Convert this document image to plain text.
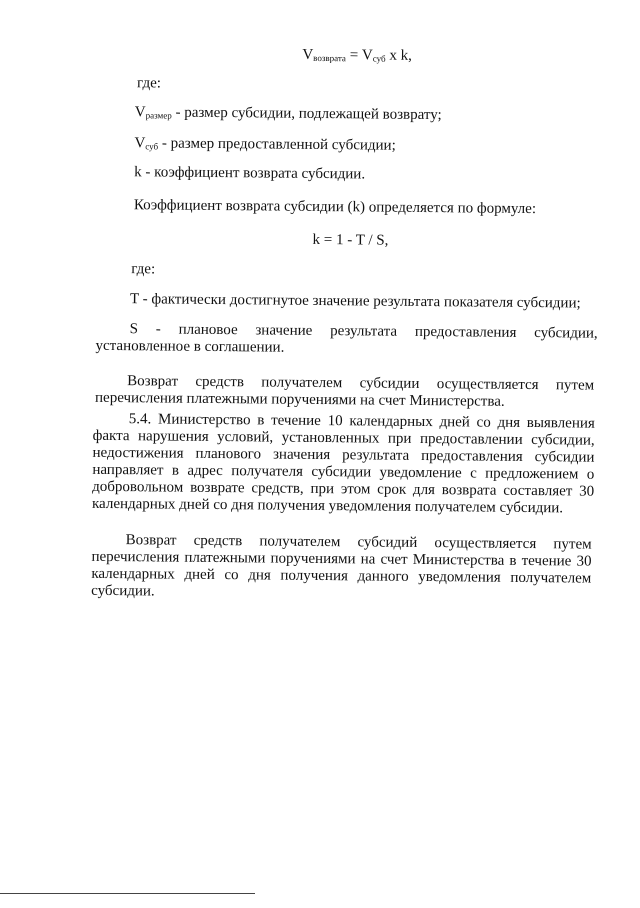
$V_{возврата} = V_{суб}$ x k,
где:
$V_{размер}$ - размер субсидии, подлежащей возврату;
$V_{суб}$ - размер предоставленной субсидии;
k - коэффициент возврата субсидии.
Коэффициент возврата субсидии (k) определяется по формуле:
k = 1 - T / S,
где:
T - фактически достигнутое значение результата показателя субсидии;
S - плановое значение результата предоставления субсидии,
установленное в соглашении.
Возврат средств получателем субсидии осуществляется путем
перечисления платежными поручениями на счет Министерства.
5.4. Министерство в течение 10 календарных дней со дня выявления
факта нарушения условий, установленных при предоставлении субсидии,
недостижения планового значения результата предоставления субсидии
направляет в адрес получателя субсидии уведомление с предложением о
добровольном возврате средств, при этом срок для возврата составляет 30
календарных дней со дня получения уведомления получателем субсидии.
Возврат средств получателем субсидий осуществляется путем
перечисления платежными поручениями на счет Министерства в течение 30
календарных дней со дня получения данного уведомления получателем
субсидии.
